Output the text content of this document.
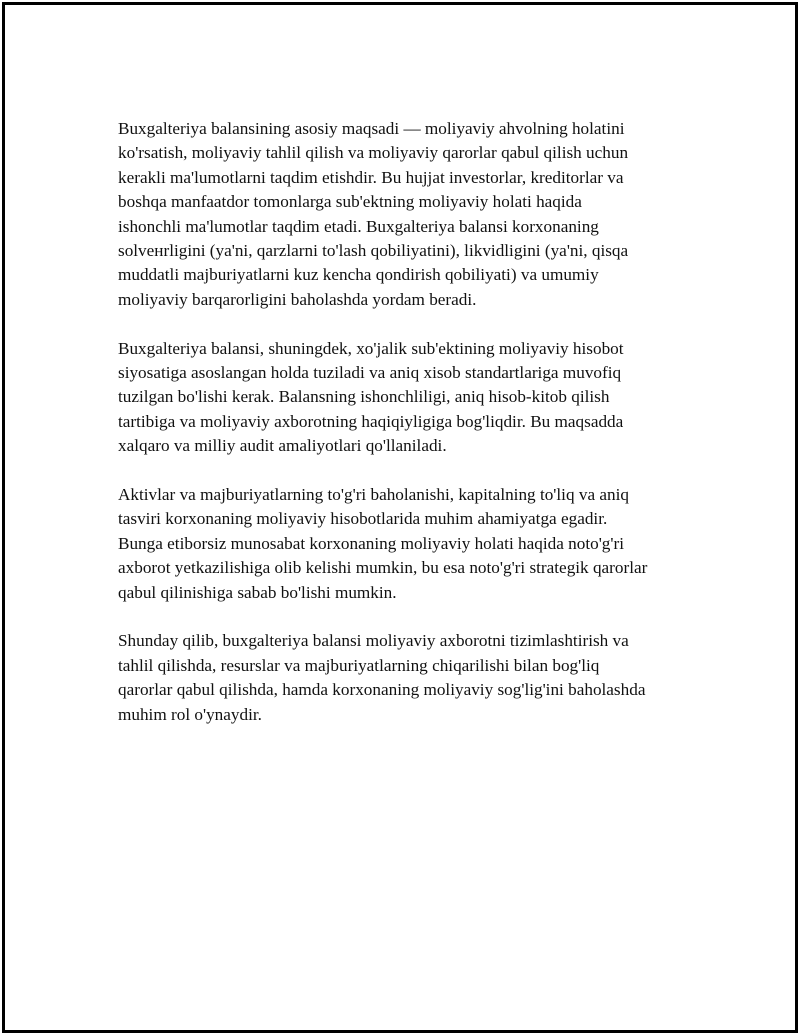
Buxgalteriya balansining asosiy maqsadi — moliyaviy ahvolning holatini
ko'rsatish, moliyaviy tahlil qilish va moliyaviy qarorlar qabul qilish uchun
kerakli ma'lumotlarni taqdim etishdir. Bu hujjat investorlar, kreditorlar va
boshqa manfaatdor tomonlarga sub'ektning moliyaviy holati haqida
ishonchli ma'lumotlar taqdim etadi. Buxgalteriya balansi korxonaning
solveнrligini (ya'ni, qarzlarni to'lash qobiliyatini), likvidligini (ya'ni, qisqa
muddatli majburiyatlarni kuz kencha qondirish qobiliyati) va umumiy
moliyaviy barqarorligini baholashda yordam beradi.

Buxgalteriya balansi, shuningdek, xo'jalik sub'ektining moliyaviy hisobot
siyosatiga asoslangan holda tuziladi va aniq xisob standartlariga muvofiq
tuzilgan bo'lishi kerak. Balansning ishonchliligi, aniq hisob-kitob qilish
tartibiga va moliyaviy axborotning haqiqiyligiga bog'liqdir. Bu maqsadda
xalqaro va milliy audit amaliyotlari qo'llaniladi.

Aktivlar va majburiyatlarning to'g'ri baholanishi, kapitalning to'liq va aniq
tasviri korxonaning moliyaviy hisobotlarida muhim ahamiyatga egadir.
Bunga etiborsiz munosabat korxonaning moliyaviy holati haqida noto'g'ri
axborot yetkazilishiga olib kelishi mumkin, bu esa noto'g'ri strategik qarorlar
qabul qilinishiga sabab bo'lishi mumkin.

Shunday qilib, buxgalteriya balansi moliyaviy axborotni tizimlashtirish va
tahlil qilishda, resurslar va majburiyatlarning chiqarilishi bilan bog'liq
qarorlar qabul qilishda, hamda korxonaning moliyaviy sog'lig'ini baholashda
muhim rol o'ynaydir.
